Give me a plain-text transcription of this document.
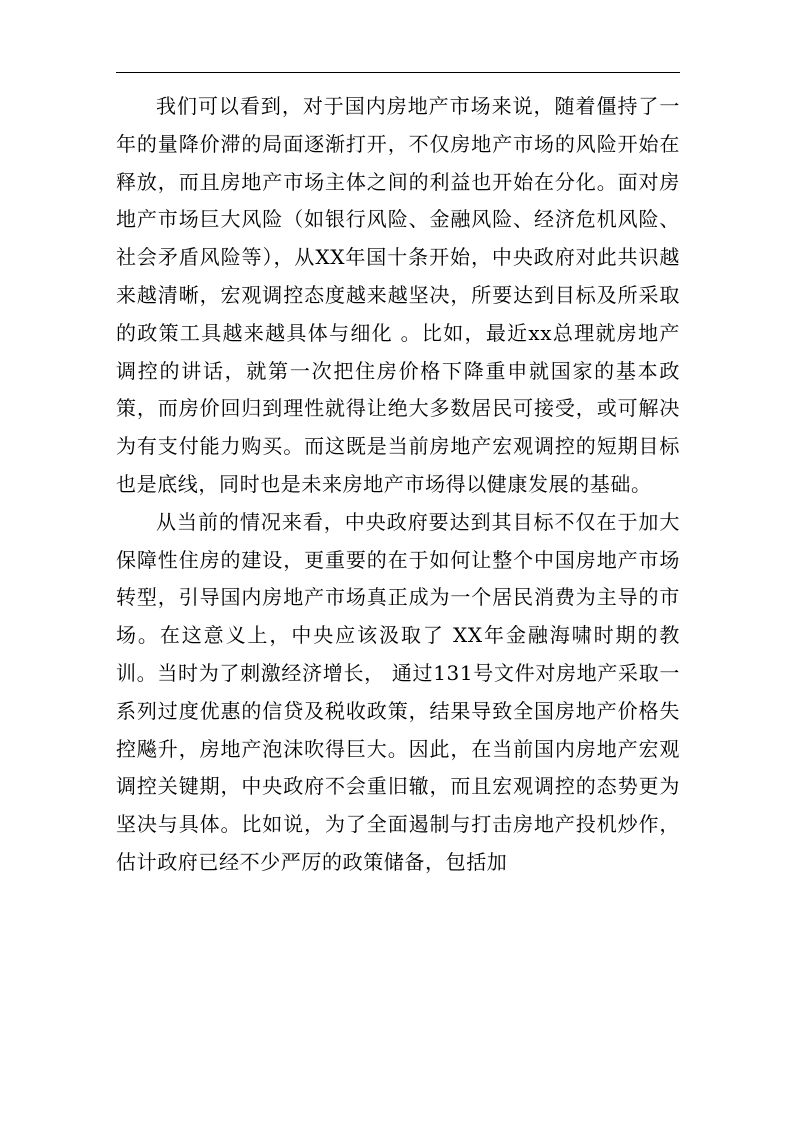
我们可以看到，对于国内房地产市场来说，随着僵持了一年的量降价滞的局面逐渐打开，不仅房地产市场的风险开始在释放，而且房地产市场主体之间的利益也开始在分化。面对房地产市场巨大风险（如银行风险、金融风险、经济危机风险、社会矛盾风险等），从XX年国十条开始，中央政府对此共识越来越清晰，宏观调控态度越来越坚决，所要达到目标及所采取的政策工具越来越具体与细化 。比如，最近xx总理就房地产调控的讲话，就第一次把住房价格下降重申就国家的基本政策，而房价回归到理性就得让绝大多数居民可接受，或可解决为有支付能力购买。而这既是当前房地产宏观调控的短期目标也是底线，同时也是未来房地产市场得以健康发展的基础。

从当前的情况来看，中央政府要达到其目标不仅在于加大保障性住房的建设，更重要的在于如何让整个中国房地产市场转型，引导国内房地产市场真正成为一个居民消费为主导的市场。在这意义上，中央应该汲取了 XX年金融海啸时期的教训。当时为了刺激经济增长， 通过131号文件对房地产采取一系列过度优惠的信贷及税收政策，结果导致全国房地产价格失控飚升，房地产泡沫吹得巨大。因此，在当前国内房地产宏观调控关键期，中央政府不会重旧辙，而且宏观调控的态势更为坚决与具体。比如说，为了全面遏制与打击房地产投机炒作，估计政府已经不少严厉的政策储备，包括加
